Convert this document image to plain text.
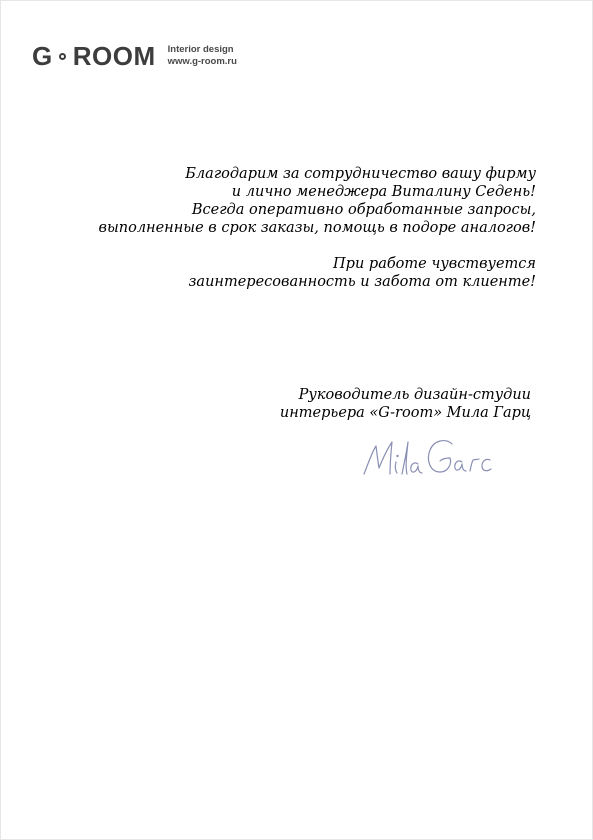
G ROOM Interior design
www.g-room.ru
Благодарим за сотрудничество вашу фирму
и лично менеджера Виталину Седень!
Всегда оперативно обработанные запросы,
выполненные в срок заказы, помощь в подоре аналогов!
При работе чувствуется
заинтересованность и забота от клиенте!
Руководитель дизайн-студии
интерьера «G-room» Мила Гарц
